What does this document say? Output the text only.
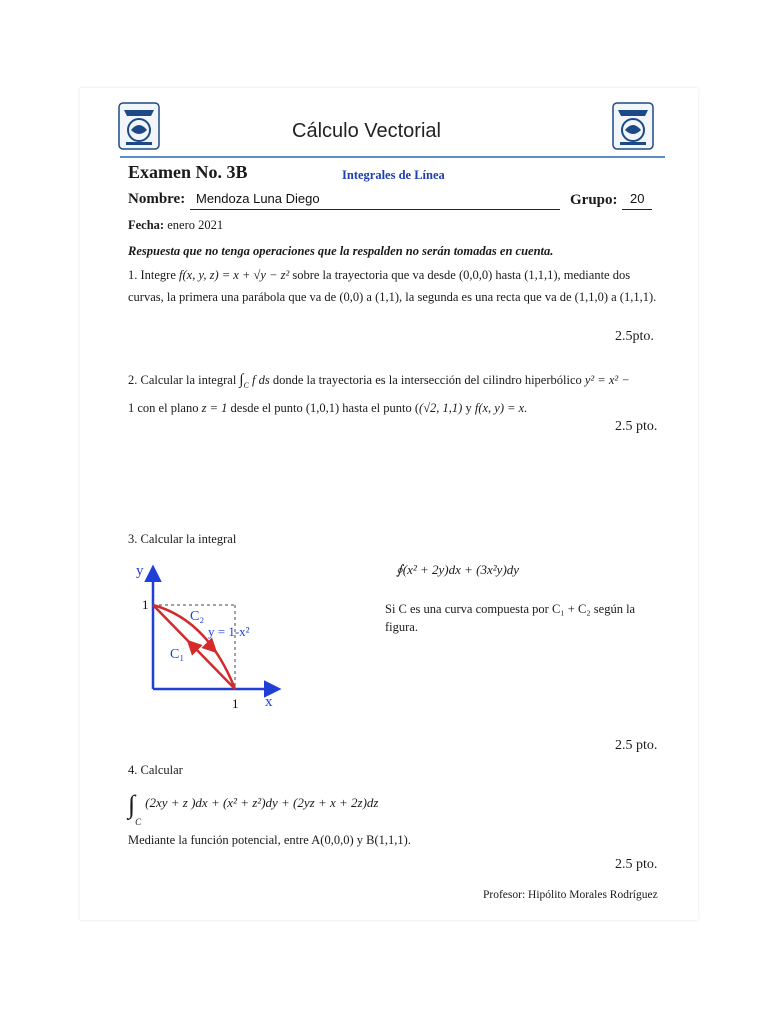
Cálculo Vectorial
Examen No. 3B	Integrales de Línea
Nombre: Mendoza Luna Diego	Grupo: 20
Fecha: enero 2021
Respuesta que no tenga operaciones que la respalden no serán tomadas en cuenta.
1. Integre f(x, y, z) = x + √y − z² sobre la trayectoria que va desde (0,0,0) hasta (1,1,1), mediante dos
curvas, la primera una parábola que va de (0,0) a (1,1), la segunda es una recta que va de (1,1,0) a (1,1,1).
2.5pto.
2. Calcular la integral $\int_C$ f ds donde la trayectoria es la intersección del cilindro hiperbólico y² = x² −
1 con el plano z = 1 desde el punto (1,0,1) hasta el punto ((√2, 1,1) y f(x, y) = x.
2.5 pto.
3. Calcular la integral
y
x
1
1
C₂
y = 1-x²
C₁
∮(x² + 2y)dx + (3x²y)dy
Si C es una curva compuesta por C₁ + C₂ según la
figura.
2.5 pto.
4. Calcular
$\int_C$ $^{(2xy + z )dx + (x^2 + z^2)dy + (2yz + x + 2z)dz}$
Mediante la función potencial, entre A(0,0,0) y B(1,1,1).
2.5 pto.
Profesor: Hipólito Morales Rodríguez
